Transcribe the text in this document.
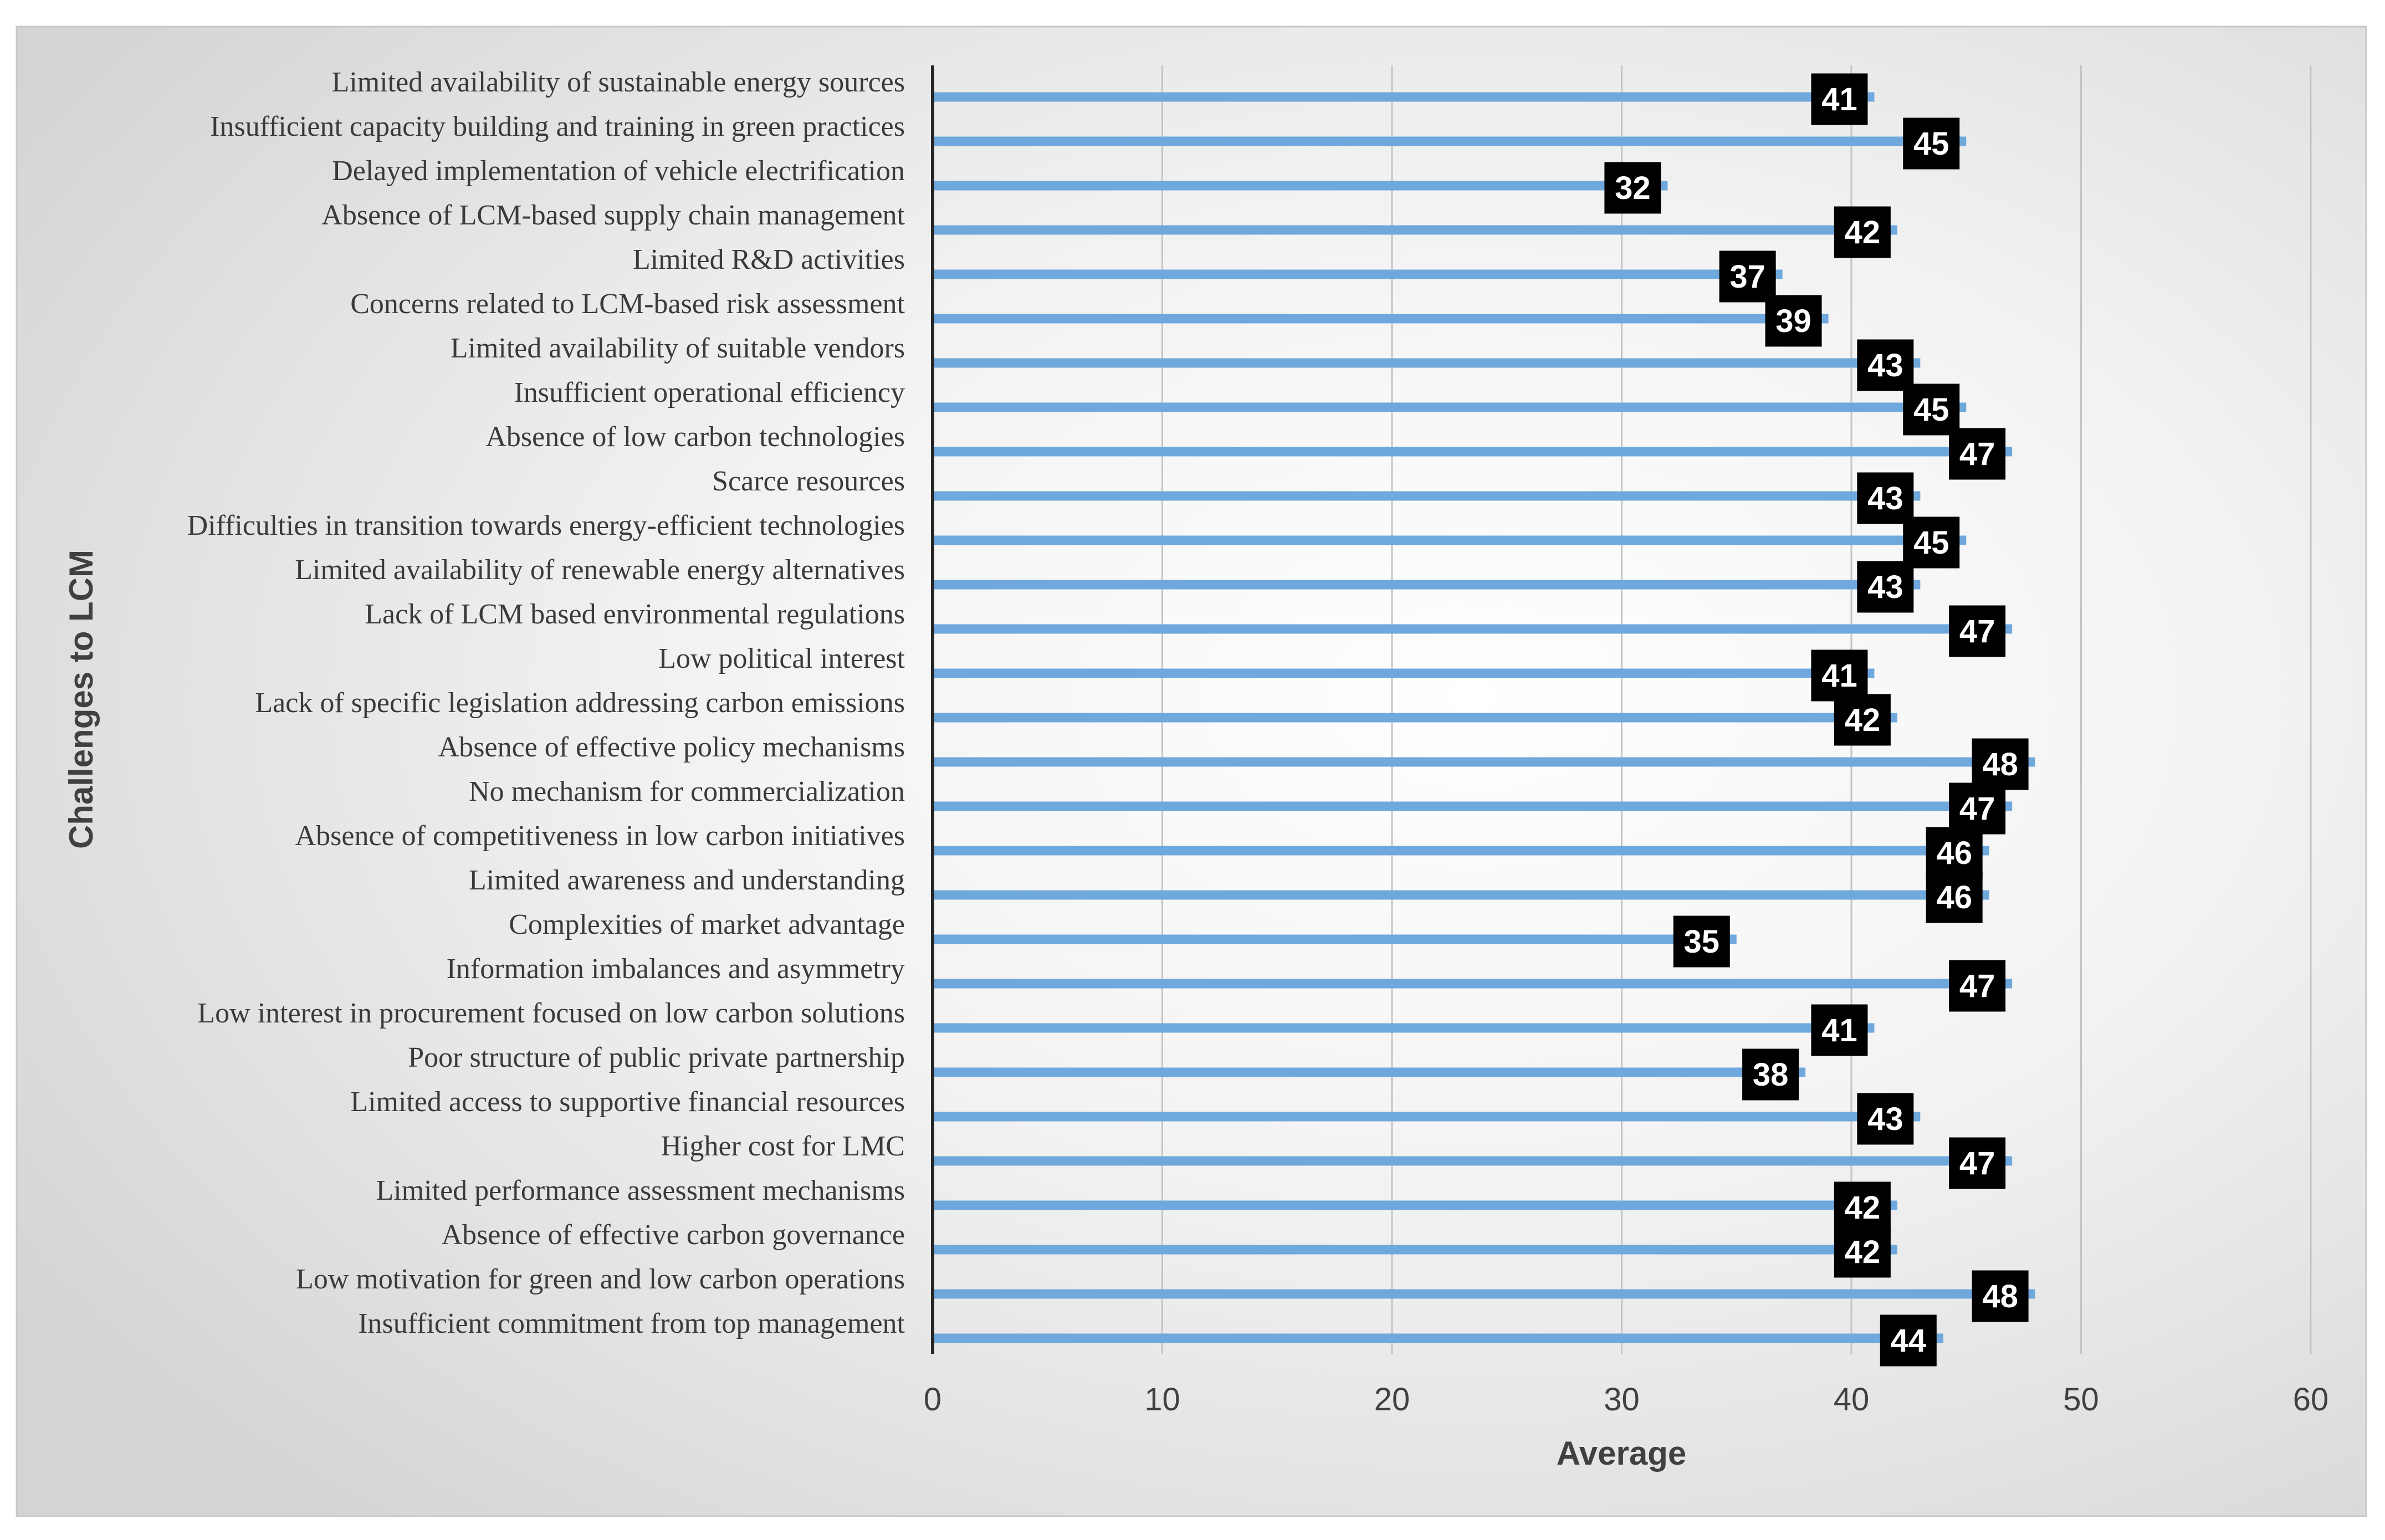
Limited availability of sustainable energy sources
Insufficient capacity building and training in green practices
Delayed implementation of vehicle electrification
Absence of LCM-based supply chain management
Limited R&D activities
Concerns related to LCM-based risk assessment
Limited availability of suitable vendors
Insufficient operational efficiency
Absence of low carbon technologies
Scarce resources
Difficulties in transition towards energy-efficient technologies
Limited availability of renewable energy alternatives
Lack of LCM based environmental regulations
Low political interest
Lack of specific legislation addressing carbon emissions
Absence of effective policy mechanisms
No mechanism for commercialization
Absence of competitiveness in low carbon initiatives
Limited awareness and understanding
Complexities of market advantage
Information imbalances and asymmetry
Low interest in procurement focused on low carbon solutions
Poor structure of public private partnership
Limited access to supportive financial resources
Higher cost for LMC
Limited performance assessment mechanisms
Absence of effective carbon governance
Low motivation for green and low carbon operations
Insufficient commitment from top management
0	10	20	30	40	50	60
41
45
32
42
37
39
43
45
47
43
45
43
47
41
42
48
47
46
46
35
47
41
38
43
47
42
42
48
44
Average
Challenges to LCM
